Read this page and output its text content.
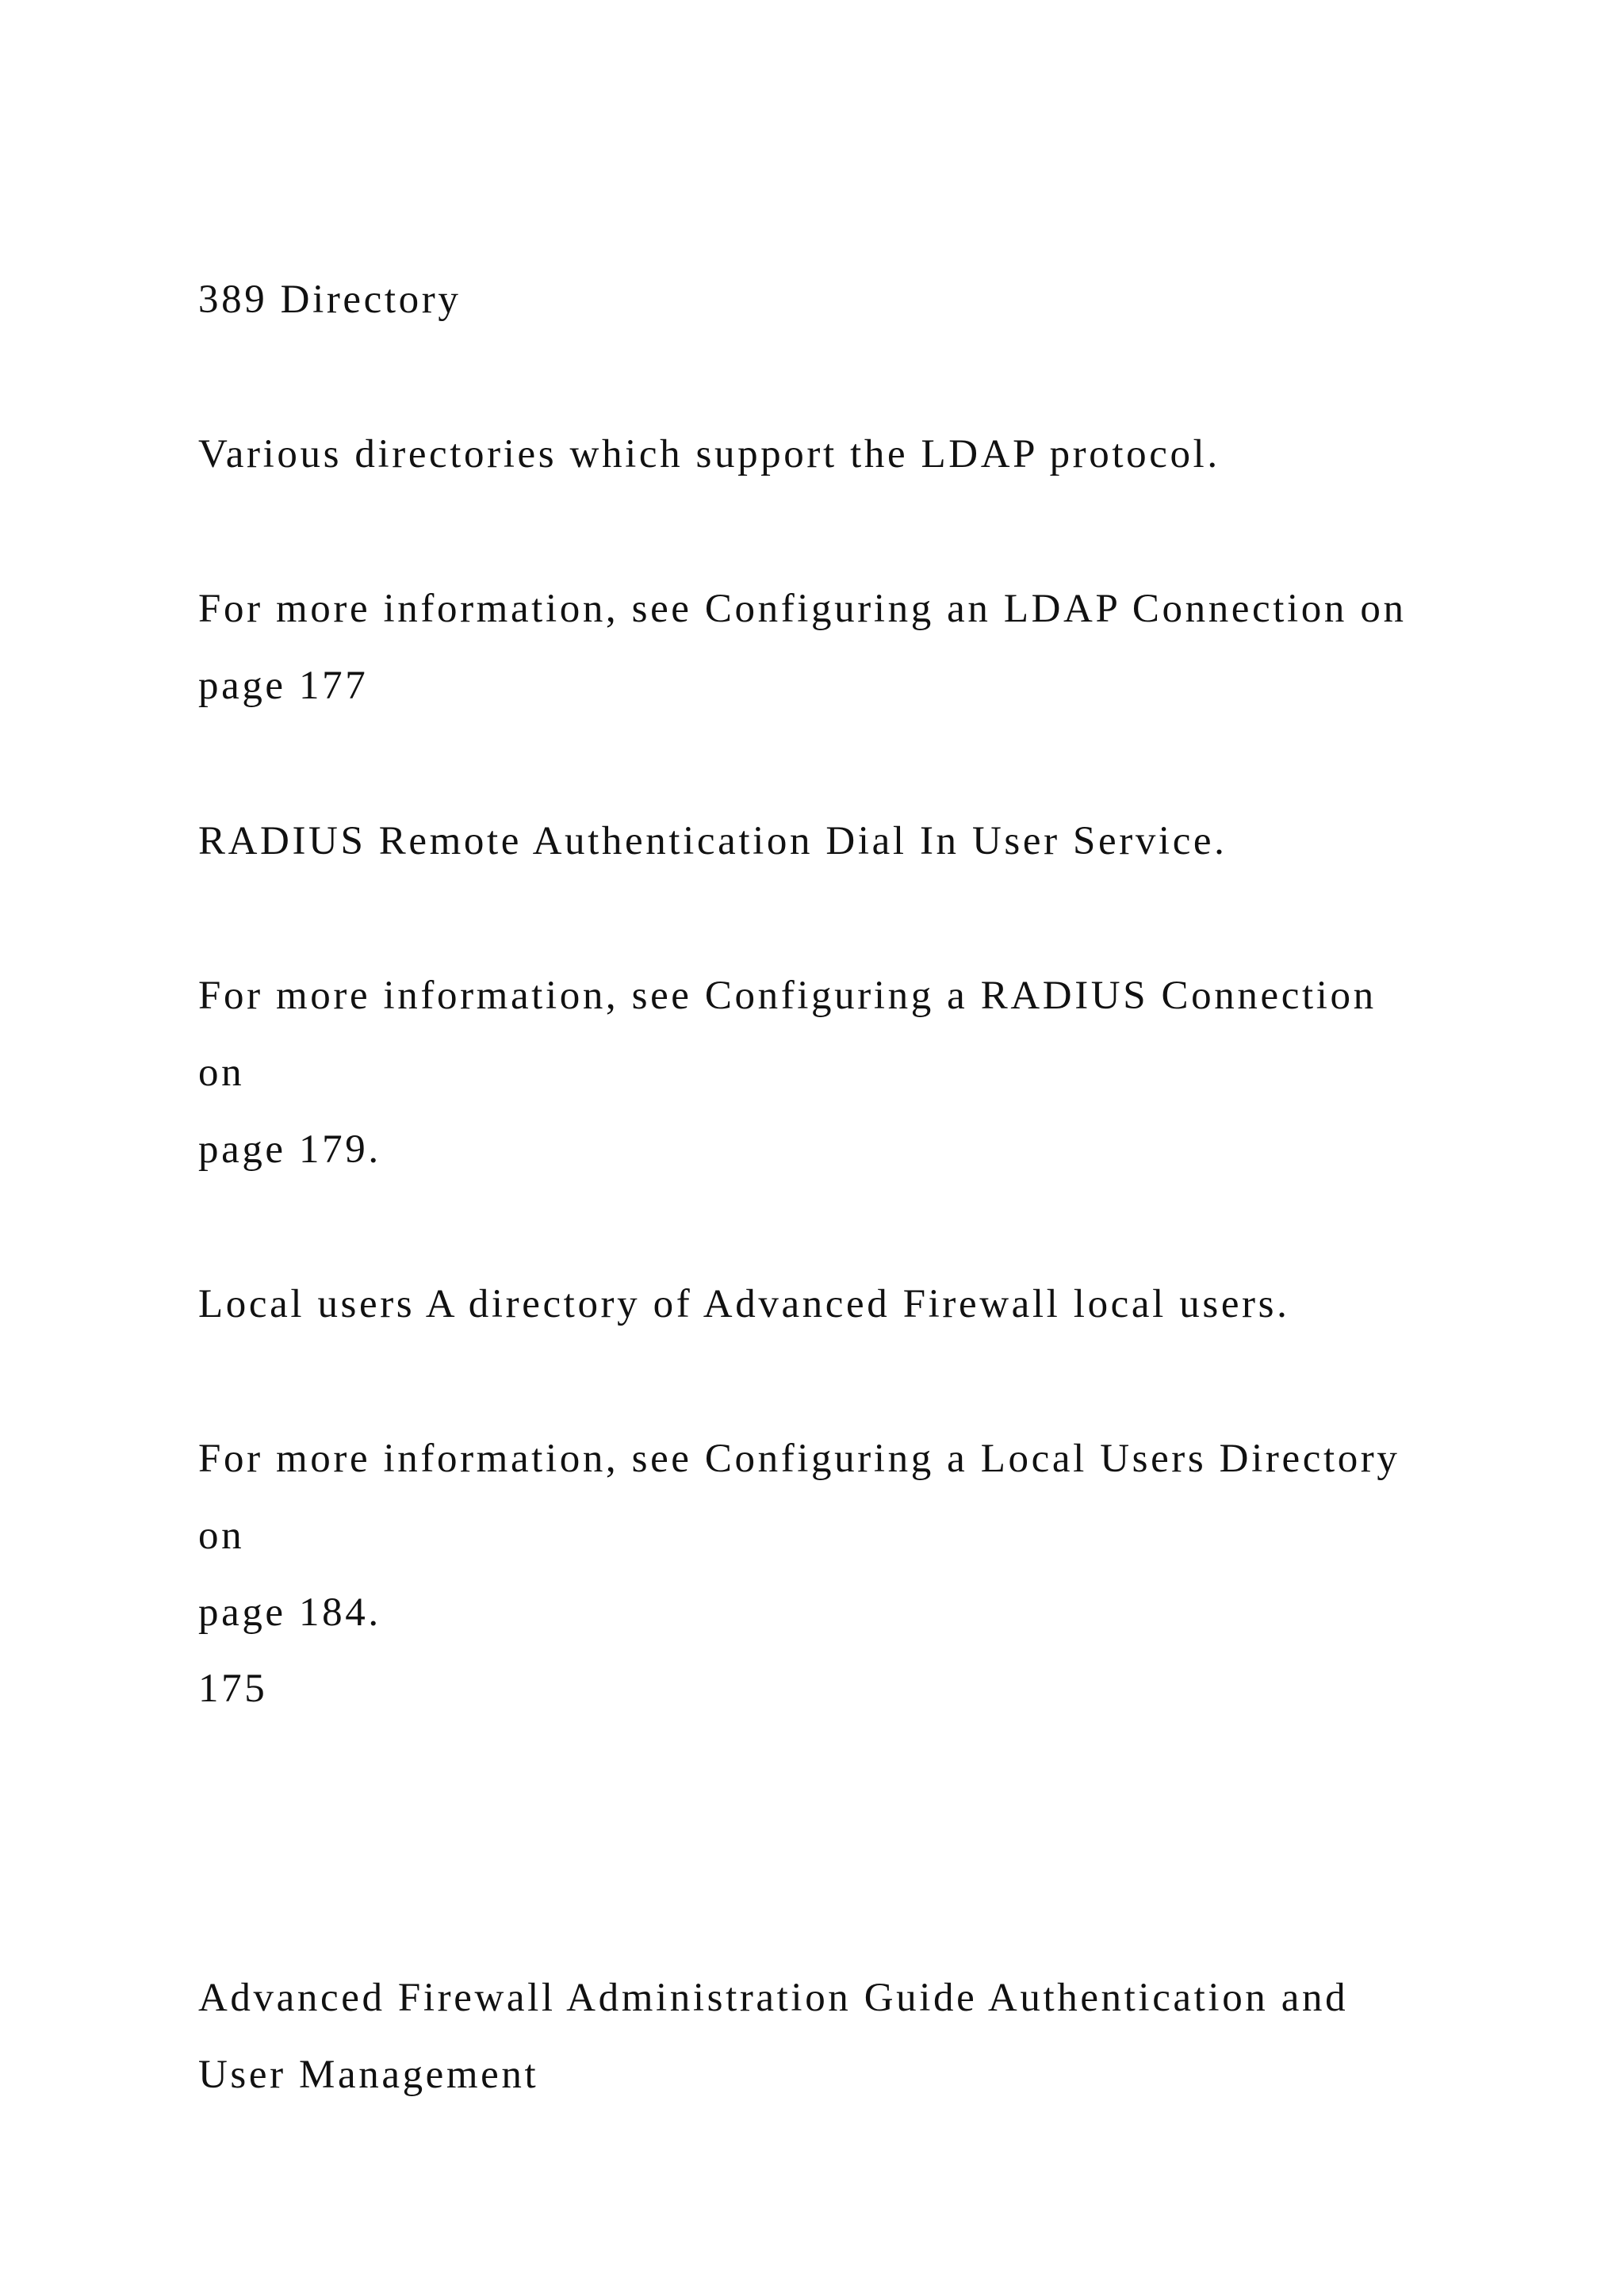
389 Directory

Various directories which support the LDAP protocol.

For more information, see Configuring an LDAP Connection on

page 177

RADIUS Remote Authentication Dial In User Service.

For more information, see Configuring a RADIUS Connection

on

page 179.

Local users A directory of Advanced Firewall local users.

For more information, see Configuring a Local Users Directory

on

page 184.

175

Advanced Firewall Administration Guide Authentication and

User Management
